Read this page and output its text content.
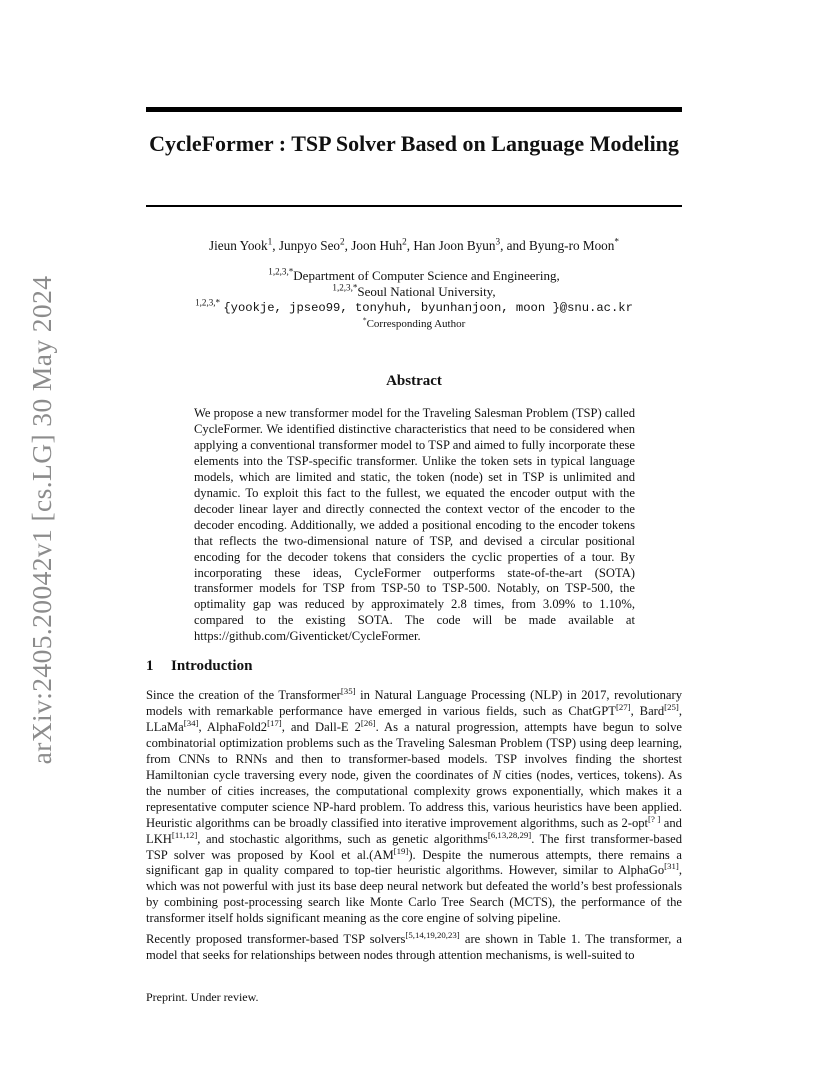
arXiv:2405.20042v1 [cs.LG] 30 May 2024
CycleFormer : TSP Solver Based on Language Modeling
Jieun Yook$^1$, Junpyo Seo$^2$, Joon Huh$^2$, Han Joon Byun$^3$, and Byung-ro Moon*
$^{1,2,3,*}$Department of Computer Science and Engineering,
$^{1,2,3,*}$Seoul National University,
$^{1,2,3,*}$ {yookje, jpseo99, tonyhuh, byunhanjoon, moon }@snu.ac.kr
*Corresponding Author
Abstract
We propose a new transformer model for the Traveling Salesman Problem (TSP) called CycleFormer. We identified distinctive characteristics that need to be considered when applying a conventional transformer model to TSP and aimed to fully incorporate these elements into the TSP-specific transformer. Unlike the token sets in typical language models, which are limited and static, the token (node) set in TSP is unlimited and dynamic. To exploit this fact to the fullest, we equated the encoder output with the decoder linear layer and directly connected the context vector of the encoder to the decoder encoding. Additionally, we added a positional encoding to the encoder tokens that reflects the two-dimensional nature of TSP, and devised a circular positional encoding for the decoder tokens that considers the cyclic properties of a tour. By incorporating these ideas, CycleFormer outperforms state-of-the-art (SOTA) transformer models for TSP from TSP-50 to TSP-500. Notably, on TSP-500, the optimality gap was reduced by approximately 2.8 times, from 3.09% to 1.10%, compared to the existing SOTA. The code will be made available at https://github.com/Giventicket/CycleFormer.
1 Introduction

Since the creation of the Transformer[35] in Natural Language Processing (NLP) in 2017, revolutionary models with remarkable performance have emerged in various fields, such as ChatGPT[27], Bard[25], LLaMa[34], AlphaFold2[17], and Dall-E 2[26]. As a natural progression, attempts have begun to solve combinatorial optimization problems such as the Traveling Salesman Problem (TSP) using deep learning, from CNNs to RNNs and then to transformer-based models. TSP involves finding the shortest Hamiltonian cycle traversing every node, given the coordinates of N cities (nodes, vertices, tokens). As the number of cities increases, the computational complexity grows exponentially, which makes it a representative computer science NP-hard problem. To address this, various heuristics have been applied. Heuristic algorithms can be broadly classified into iterative improvement algorithms, such as 2-opt[? ] and LKH[11,12], and stochastic algorithms, such as genetic algorithms[6,13,28,29]. The first transformer-based TSP solver was proposed by Kool et al.(AM[19]). Despite the numerous attempts, there remains a significant gap in quality compared to top-tier heuristic algorithms. However, similar to AlphaGo[31], which was not powerful with just its base deep neural network but defeated the world’s best professionals by combining post-processing search like Monte Carlo Tree Search (MCTS), the performance of the transformer itself holds significant meaning as the core engine of solving pipeline.

Recently proposed transformer-based TSP solvers[5,14,19,20,23] are shown in Table 1. The transformer, a model that seeks for relationships between nodes through attention mechanisms, is well-suited to

Preprint. Under review.
